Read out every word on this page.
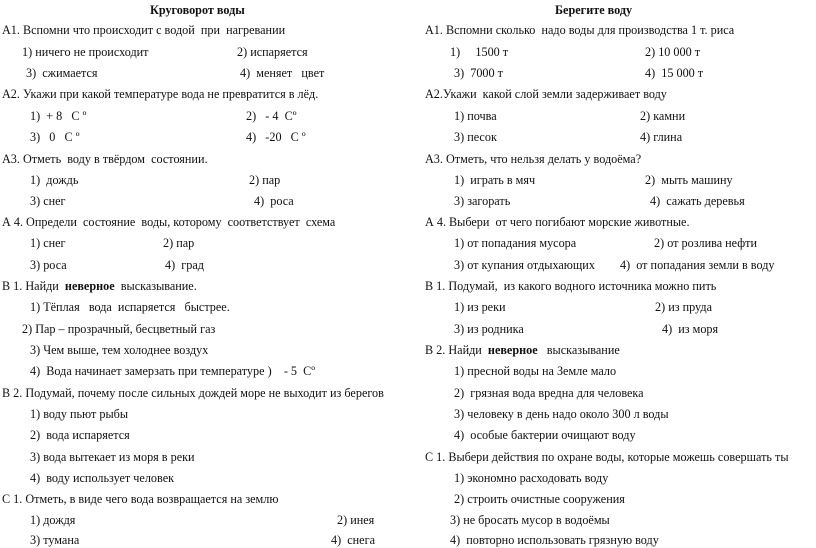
Круговорот воды
А1. Вспомни что происходит с водой  при  нагревании
1) ничего не происходит	2) испаряется
3)  сжимается	4)  меняет   цвет
А2. Укажи при какой температуре вода не превратится в лёд.
1)  + 8   С º	2)   - 4  Сº
3)   0   С º	4)   -20   С º
А3. Отметь  воду в твёрдом  состоянии.
1)  дождь	2) пар
3) снег	4)  роса
А 4. Определи  состояние  воды, которому  соответствует  схема
1) снег	2) пар
3) роса	4)  град
В 1. Найди  неверное  высказывание.
1) Тёплая   вода  испаряется   быстрее.
2) Пар – прозрачный, бесцветный газ
3) Чем выше, тем холоднее воздух
4)  Вода начинает замерзать при температуре )    - 5  Сº
В 2. Подумай, почему после сильных дождей море не выходит из берегов
1) воду пьют рыбы
2)  вода испаряется
3) вода вытекает из моря в реки
4)  воду использует человек
С 1. Отметь, в виде чего вода возвращается на землю
1) дождя	2) инея
3) тумана	4)  снега
Берегите воду
А1. Вспомни сколько  надо воды для производства 1 т. риса
1)     1500 т	2) 10 000 т
3)  7000 т	4)  15 000 т
А2.Укажи  какой слой земли задерживает воду
1) почва	2) камни
3) песок	4) глина
А3. Отметь, что нельзя делать у водоёма?
1)  играть в мяч	2)  мыть машину
3) загорать	4)  сажать деревья
А 4. Выбери  от чего погибают морские животные.
1) от попадания мусора	2) от розлива нефти
3) от купания отдыхающих 4)  от попадания земли в воду
В 1. Подумай,  из какого водного источника можно пить
1) из реки	2) из пруда
3) из родника	4)  из моря
В 2. Найди  неверное   высказывание
1) пресной воды на Земле мало
2)  грязная вода вредна для человека
3) человеку в день надо около 300 л воды
4)  особые бактерии очищают воду
С 1. Выбери действия по охране воды, которые можешь совершать ты
1) экономно расходовать воду
2) строить очистные сооружения
3) не бросать мусор в водоёмы
4)  повторно использовать грязную воду
